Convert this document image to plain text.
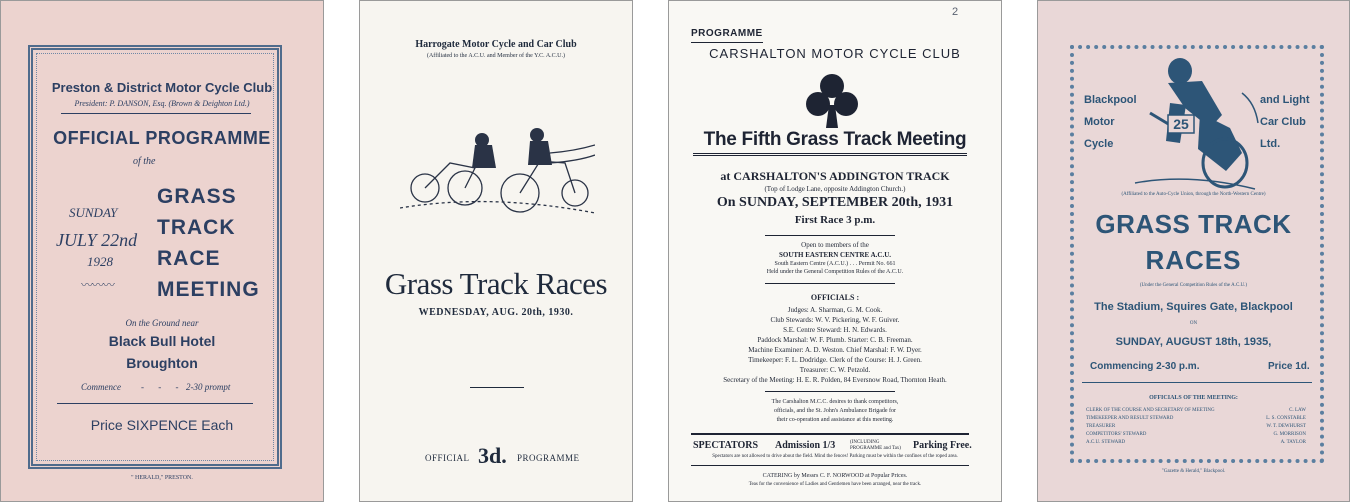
Preston & District Motor Cycle Club
President: P. DANSON, Esq. (Brown & Deighton Ltd.)
OFFICIAL PROGRAMME
of the
SUNDAY
JULY 22nd
1928
〰〰〰
GRASS
TRACK
RACE
MEETING
On the Ground near
Black Bull Hotel
Broughton
Commence - - - 2-30 prompt
Price SIXPENCE Each
" HERALD," PRESTON.
Harrogate Motor Cycle and Car Club
(Affiliated to the A.C.U. and Member of the Y.C. A.C.U.)
Grass Track Races
WEDNESDAY, AUG. 20th, 1930.
OFFICIAL 3d. PROGRAMME
2
PROGRAMME
CARSHALTON MOTOR CYCLE CLUB
The Fifth Grass Track Meeting
at CARSHALTON'S ADDINGTON TRACK
(Top of Lodge Lane, opposite Addington Church.)
On SUNDAY, SEPTEMBER 20th, 1931
First Race 3 p.m.
Open to members of the
SOUTH EASTERN CENTRE A.C.U.
South Eastern Centre (A.C.U.) . . . Permit No. 661
Held under the General Competition Rules of the A.C.U.
OFFICIALS :
Judges: A. Sharman, G. M. Cook.
Club Stewards: W. V. Pickering, W. F. Guiver.
S.E. Centre Steward: H. N. Edwards.
Paddock Marshal: W. F. Plumb. Starter: C. B. Freeman.
Machine Examiner: A. D. Weston. Chief Marshal: F. W. Dyer.
Timekeeper: F. L. Dodridge. Clerk of the Course: H. J. Green.
Treasurer: C. W. Petzold.
Secretary of the Meeting: H. E. R. Polden, 84 Eversnow Road, Thornton Heath.
The Carshalton M.C.C. desires to thank competitors,
officials, and the St. John's Ambulance Brigade for
their co-operation and assistance at this meeting.
SPECTATORS Admission 1/3	(INCLUDING PROGRAMME and Tax)	Parking Free.
Spectators are not allowed to drive about the field. Mind the fences! Parking must be within the confines of the roped area.
CATERING by Messrs C. F. NORWOOD at Popular Prices.
Teas for the convenience of Ladies and Gentlemen have been arranged, near the track.
Blackpool
Motor
Cycle
and Light
Car Club
Ltd.
25
(Affiliated to the Auto-Cycle Union, through the North-Western Centre)
GRASS TRACK
RACES
(Under the General Competition Rules of the A.C.U.)
The Stadium, Squires Gate, Blackpool
ON
SUNDAY, AUGUST 18th, 1935,
Commencing 2-30 p.m.	Price 1d.
OFFICIALS OF THE MEETING:
CLERK OF THE COURSE AND SECRETARY OF MEETING	C. LAW
TIMEKEEPER AND RESULT STEWARD	L. S. CONSTABLE
TREASURER	W. T. DEWHURST
COMPETITORS' STEWARD	G. MORRISON
A.C.U. STEWARD	A. TAYLOR
"Gazette & Herald," Blackpool.
